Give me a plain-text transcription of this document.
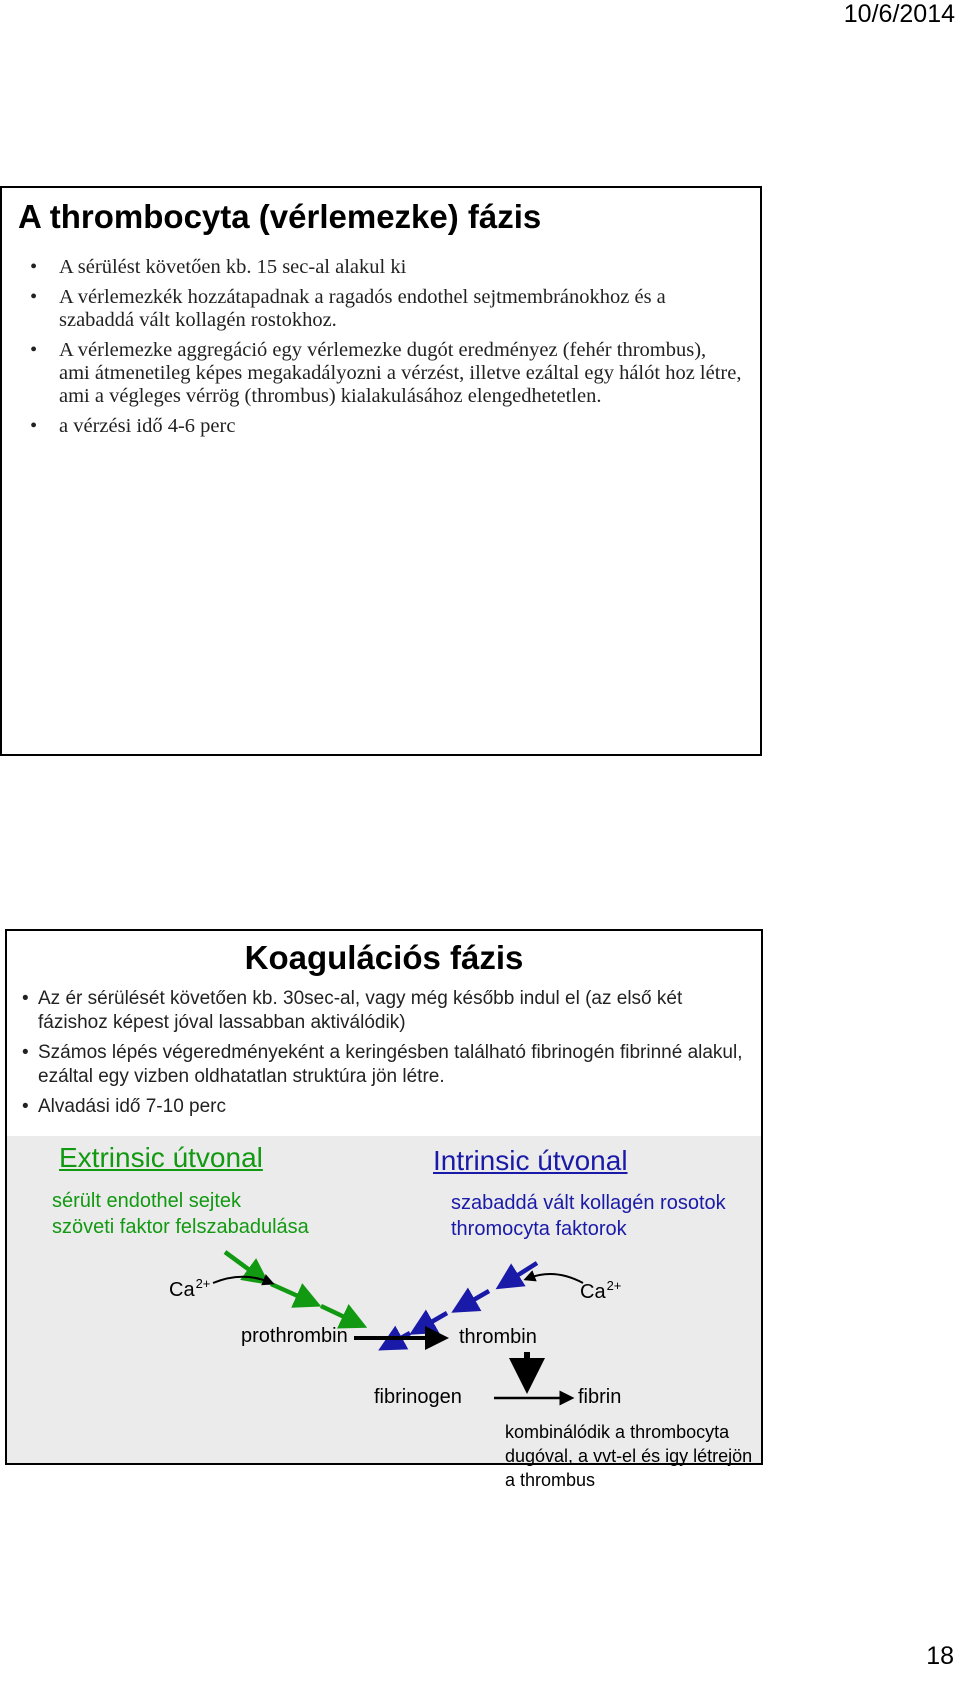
10/6/2014
A thrombocyta (vérlemezke) fázis
• A sérülést követően kb. 15 sec-al alakul ki
• A vérlemezkék hozzátapadnak a ragadós endothel sejtmembránokhoz és a szabaddá vált kollagén rostokhoz.
• A vérlemezke aggregáció egy vérlemezke dugót eredményez (fehér thrombus), ami átmenetileg képes megakadályozni a vérzést, illetve ezáltal egy hálót hoz létre, ami a végleges vérrög (thrombus) kialakulásához elengedhetetlen.
• a vérzési idő 4-6 perc
Koagulációs fázis
• Az ér sérülését követően kb. 30sec-al, vagy még később indul el (az első két fázishoz képest jóval lassabban aktiválódik)
• Számos lépés végeredményeként a keringésben található fibrinogén fibrinné alakul, ezáltal egy vizben oldhatatlan struktúra jön létre.
• Alvadási idő 7-10 perc
Extrinsic útvonal
sérült endothel sejtek
szöveti faktor felszabadulása
Intrinsic útvonal
szabaddá vált kollagén rosotok
thromocyta faktorok
$Ca^{2+}$	$Ca^{2+}$
prothrombin	thrombin
fibrinogen	fibrin
kombinálódik a thrombocyta dugóval, a vvt-el és igy létrejön a thrombus
18
